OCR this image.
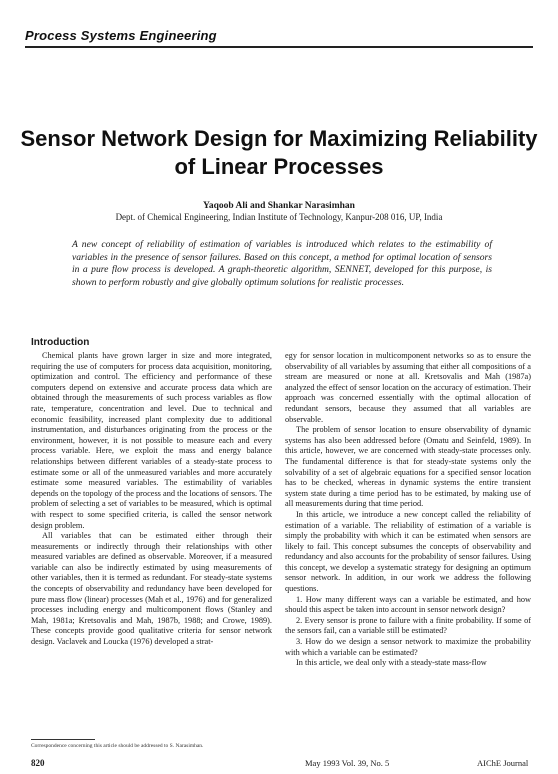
Process Systems Engineering
Sensor Network Design for Maximizing Reliability
of Linear Processes
Yaqoob Ali and Shankar Narasimhan
Dept. of Chemical Engineering, Indian Institute of Technology, Kanpur-208 016, UP, India
A new concept of reliability of estimation of variables is introduced which relates to the estimability of variables in the presence of sensor failures. Based on this concept, a method for optimal location of sensors in a pure flow process is developed. A graph-theoretic algorithm, SENNET, developed for this purpose, is shown to perform robustly and give globally optimum solutions for realistic processes.
Introduction

Chemical plants have grown larger in size and more integrated, requiring the use of computers for process data acquisition, monitoring, optimization and control. The efficiency and performance of these computers depend on extensive and accurate process data which are obtained through the measurements of such process variables as flow rate, temperature, concentration and level. Due to technical and economic feasibility, increased plant complexity due to additional instrumentation, and disturbances originating from the process or the environment, however, it is not possible to measure each and every process variable. Here, we exploit the mass and energy balance relationships between different variables of a steady-state process to estimate some or all of the unmeasured variables and more accurately estimate some measured variables. The estimability of variables depends on the topology of the process and the locations of sensors. The problem of selecting a set of variables to be measured, which is optimal with respect to some specified criteria, is called the sensor network design problem.

All variables that can be estimated either through their measurements or indirectly through their relationships with other measured variables are defined as observable. Moreover, if a measured variable can also be indirectly estimated by using measurements of other variables, then it is termed as redundant. For steady-state systems the concepts of observability and redundancy have been developed for pure mass flow (linear) processes (Mah et al., 1976) and for generalized processes including energy and multicomponent flows (Stanley and Mah, 1981a; Kretsovalis and Mah, 1987b, 1988; and Crowe, 1989). These concepts provide good qualitative criteria for sensor network design. Vaclavek and Loucka (1976) developed a strat-

egy for sensor location in multicomponent networks so as to ensure the observability of all variables by assuming that either all compositions of a stream are measured or none at all. Kretsovalis and Mah (1987a) analyzed the effect of sensor location on the accuracy of estimation. Their approach was concerned essentially with the optimal allocation of redundant sensors, because they assumed that all variables are observable.

The problem of sensor location to ensure observability of dynamic systems has also been addressed before (Omatu and Seinfeld, 1989). In this article, however, we are concerned with steady-state processes only. The fundamental difference is that for steady-state systems only the solvability of a set of algebraic equations for a specified sensor location has to be checked, whereas in dynamic systems the entire transient system state during a time period has to be estimated, by making use of all measurements during that time period.

In this article, we introduce a new concept called the reliability of estimation of a variable. The reliability of estimation of a variable is simply the probability with which it can be estimated when sensors are likely to fail. This concept subsumes the concepts of observability and redundancy and also accounts for the probability of sensor failures. Using this concept, we develop a systematic strategy for designing an optimum sensor network. In addition, in our work we address the following questions.

1. How many different ways can a variable be estimated, and how should this aspect be taken into account in sensor network design?

2. Every sensor is prone to failure with a finite probability. If some of the sensors fail, can a variable still be estimated?

3. How do we design a sensor network to maximize the probability with which a variable can be estimated?

In this article, we deal only with a steady-state mass-flow

Correspondence concerning this article should be addressed to S. Narasimhan.
820	May 1993 Vol. 39, No. 5	AIChE Journal
